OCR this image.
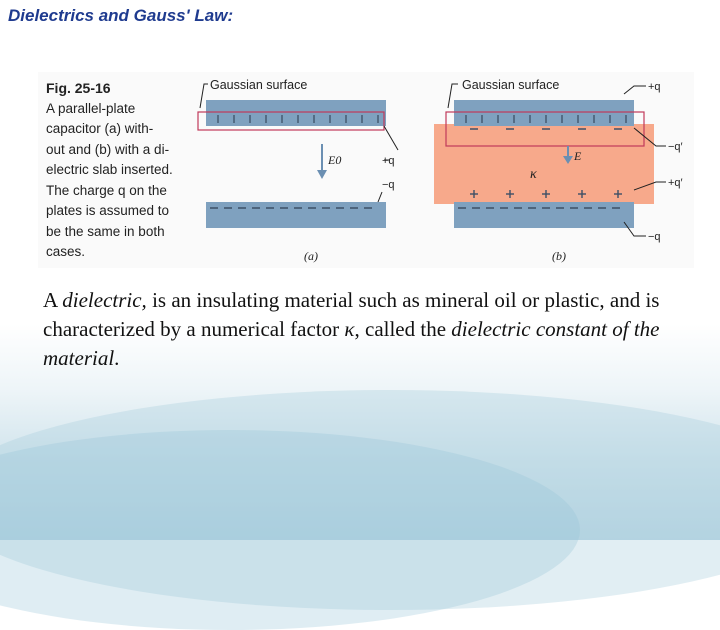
Dielectrics and Gauss' Law:
Fig. 25-16
A parallel-plate
capacitor (a) with-
out and (b) with a di-
electric slab inserted.
The charge q on the
plates is assumed to
be the same in both
cases.
Gaussian surface
E0	+q
−q
(a)
Gaussian surface
E
κ
+q
−q′
+q′
−q
(b)
A dielectric, is an insulating material such as mineral oil or plastic, and is characterized by a numerical factor κ, called the dielectric constant of the material.
